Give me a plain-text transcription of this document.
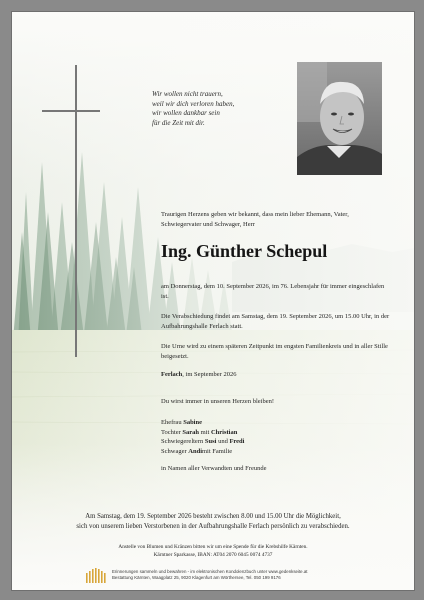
Wir wollen nicht trauern,
weil wir dich verloren haben,
wir wollen dankbar sein
für die Zeit mit dir.
Traurigen Herzens geben wir bekannt, dass mein lieber Ehemann, Vater, Schwiegervater und Schwager, Herr
Ing. Günther Schepul
am Donnerstag, dem 10. September 2026, im 76. Lebensjahr für immer eingeschlafen ist.
Die Verabschiedung findet am Samstag, dem 19. September 2026, um 15.00 Uhr, in der Aufbahrungshalle Ferlach statt.
Die Urne wird zu einem späteren Zeitpunkt im engsten Familienkreis und in aller Stille beigesetzt.
Ferlach, im September 2026
Du wirst immer in unseren Herzen bleiben!
Ehefrau Sabine
Tochter Sarah mit Christian
Schwiegereltern Susi und Fredi
Schwager Andimit Familie
in Namen aller Verwandten und Freunde
Am Samstag, dem 19. September 2026 besteht zwischen 8.00 und 15.00 Uhr die Möglichkeit,
sich von unserem lieben Verstorbenen in der Aufbahrungshalle Ferlach persönlich zu verabschieden.
Anstelle von Blumen und Kränzen bitten wir um eine Spende für die Krebshilfe Kärnten.
Kärntner Sparkasse, IBAN: AT04 2070 6045 0074 4737
Erinnerungen sammeln und bewahren - im elektronischen Kondolenzbuch unter www.gedenkseite.at
Bestattung Kärnten, Waagplatz 25, 9020 Klagenfurt am Wörthersee, Tel. 050 199 9176
